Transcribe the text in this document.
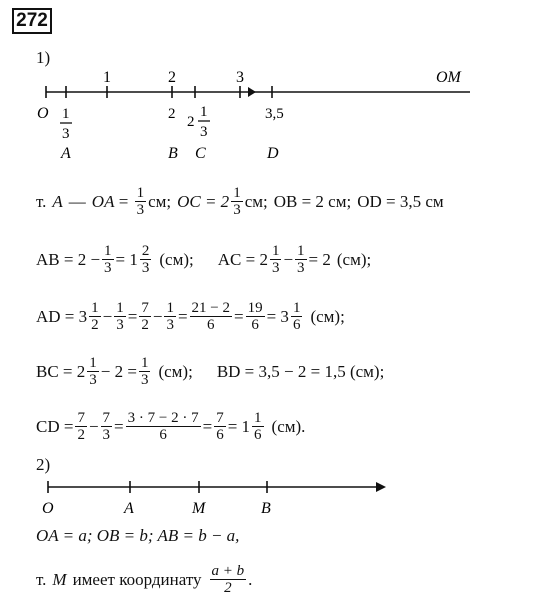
272
1)
1	2	3	OM
O 1
3
2 2
1
3
3,5
A	B C	D
т. A — OA = $\frac{1}{3}$ см; OC = $2 \frac{1}{3}$ см; OB = 2 см; OD = 3,5 см
AB = $2 - \frac{1}{3} = 1 \frac{2}{3} (см)$; AC = $2 \frac{1}{3} - \frac{1}{3} = 2$ (см);
AD = $3 \frac{1}{2} - \frac{1}{3} = \frac{7}{2} - \frac{1}{3} = \frac{21 - 2}{6} = \frac{19}{6} = 3 \frac{1}{6} (см)$;
BC = $2 \frac{1}{3} - 2 = \frac{1}{3} (см)$; BD = 3,5 − 2 = 1,5 (см);
CD = $\frac{7}{2} - \frac{7}{3} = \frac{3 \cdot 7 - 2 \cdot 7}{6} = \frac{7}{6} = 1 \frac{1}{6} (см)$.
2)
O	A	M	B
OA = a; OB = b; AB = b − a,
т. M имеет координату $\frac{a + b}{2}$ .
